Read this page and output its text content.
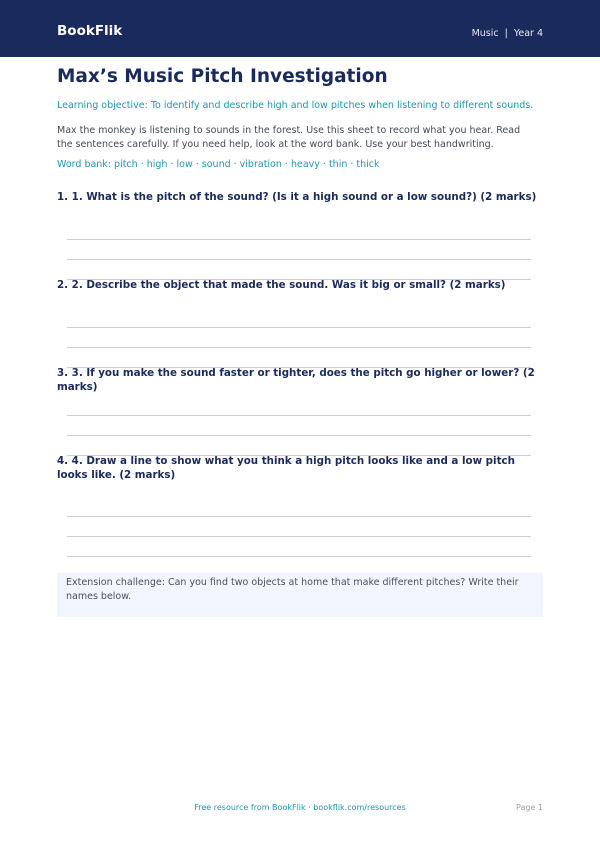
BookFlik	Music | Year 4
Max’s Music Pitch Investigation
Learning objective: To identify and describe high and low pitches when listening to different sounds.

Max the monkey is listening to sounds in the forest. Use this sheet to record what you hear. Read the sentences carefully. If you need help, look at the word bank. Use your best handwriting.

Word bank: pitch · high · low · sound · vibration · heavy · thin · thick
1. 1. What is the pitch of the sound? (Is it a high sound or a low sound?) (2 marks)
2. 2. Describe the object that made the sound. Was it big or small? (2 marks)
3. 3. If you make the sound faster or tighter, does the pitch go higher or lower? (2 marks)
4. 4. Draw a line to show what you think a high pitch looks like and a low pitch looks like. (2 marks)
Extension challenge: Can you find two objects at home that make different pitches? Write their names below.
Free resource from BookFlik · bookflik.com/resources	Page 1
